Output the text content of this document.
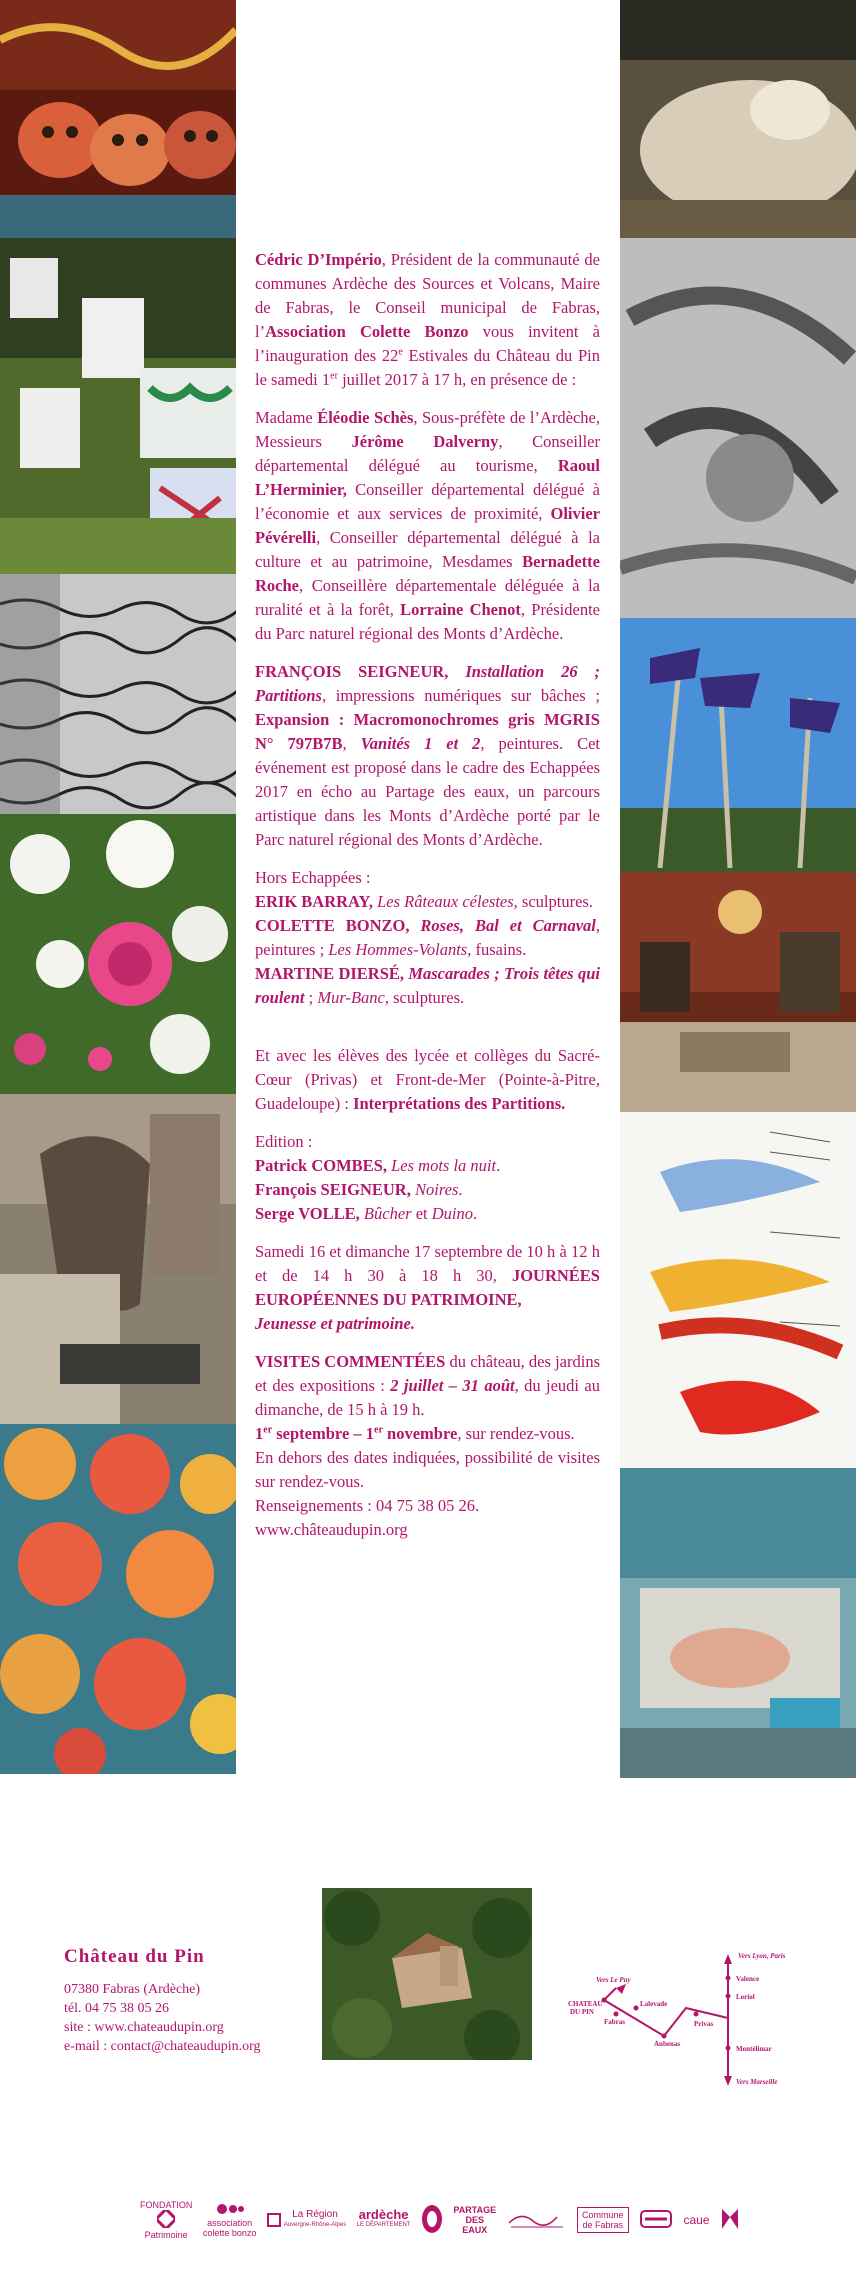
Cédric D’Império, Président de la communauté de communes Ardèche des Sources et Volcans, Maire de Fabras, le Conseil municipal de Fabras, l’Association Colette Bonzo vous invitent à l’inauguration des 22e Estivales du Château du Pin le samedi 1er juillet 2017 à 17 h, en présence de :

Madame Éléodie Schès, Sous-préfète de l’Ardèche, Messieurs Jérôme Dalverny, Conseiller départemental délégué au tourisme, Raoul L’Herminier, Conseiller départemental délégué à l’économie et aux services de proximité, Olivier Pévérelli, Conseiller départemental délégué à la culture et au patrimoine, Mesdames Bernadette Roche, Conseillère départementale déléguée à la ruralité et à la forêt, Lorraine Chenot, Présidente du Parc naturel régional des Monts d’Ardèche.

FRANÇOIS SEIGNEUR, Installation 26 ; Partitions, impressions numériques sur bâches ; Expansion : Macromonochromes gris MGRIS N° 797B7B, Vanités 1 et 2, peintures. Cet événement est proposé dans le cadre des Echappées 2017 en écho au Partage des eaux, un parcours artistique dans les Monts d’Ardèche porté par le Parc naturel régional des Monts d’Ardèche.

Hors Echappées :
ERIK BARRAY, Les Râteaux célestes, sculptures.
COLETTE BONZO, Roses, Bal et Carnaval, peintures ; Les Hommes-Volants, fusains.
MARTINE DIERSÉ, Mascarades ; Trois têtes qui roulent ; Mur-Banc, sculptures.

Et avec les élèves des lycée et collèges du Sacré-Cœur (Privas) et Front-de-Mer (Pointe-à-Pitre, Guadeloupe) : Interprétations des Partitions.

Edition :
Patrick COMBES, Les mots la nuit.
François SEIGNEUR, Noires.
Serge VOLLE, Bûcher et Duino.

Samedi 16 et dimanche 17 septembre de 10 h à 12 h et de 14 h 30 à 18 h 30, JOURNÉES EUROPÉENNES DU PATRIMOINE,
Jeunesse et patrimoine.

VISITES COMMENTÉES du château, des jardins et des expositions : 2 juillet – 31 août, du jeudi au dimanche, de 15 h à 19 h.
1er septembre – 1er novembre, sur rendez-vous.
En dehors des dates indiquées, possibilité de visites sur rendez-vous.
Renseignements : 04 75 38 05 26.
www.châteaudupin.org

Château du Pin
07380 Fabras (Ardèche)
tél. 04 75 38 05 26
site : www.chateaudupin.org
e-mail : contact@chateaudupin.org
Vers Lyon, Paris
Vers Le Puy
CHATEAU
DU PIN
Valence
Loriol
Lalevade
Fabras	Privas
Aubenas
Montélimar
Vers Marseille
FONDATION
Patrimoine
association
colette bonzo
La Région
Auvergne-Rhône-Alpes
ardèche
LE DÉPARTEMENT
PARTAGE
DES
EAUX
Commune
de Fabras	caue
